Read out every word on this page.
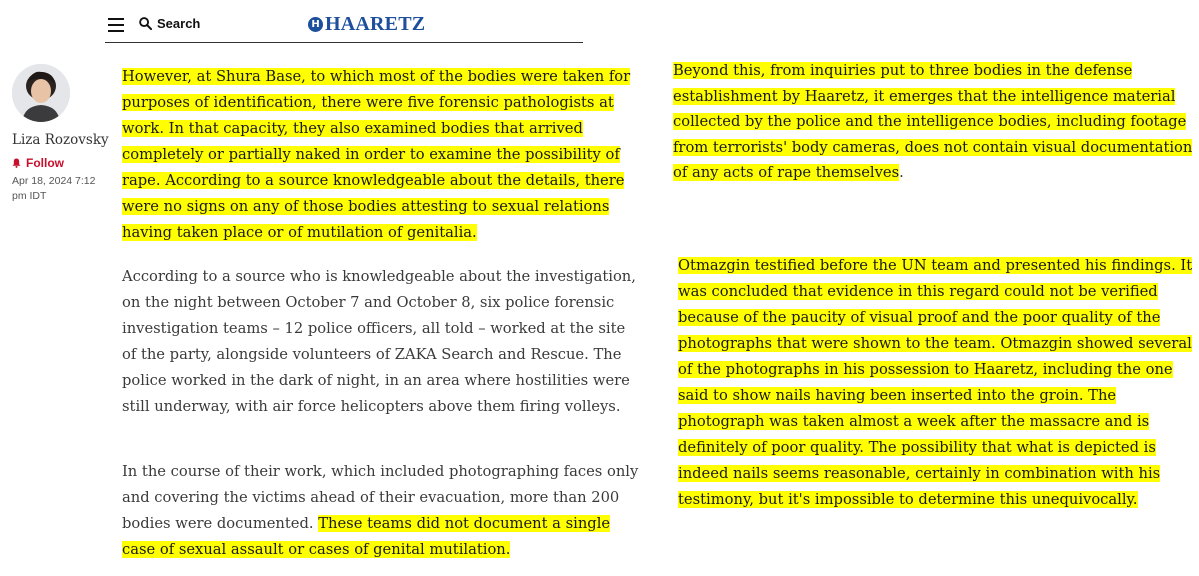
Search	H HAARETZ
Liza Rozovsky
Follow
Apr 18, 2024 7:12 pm IDT

However, at Shura Base, to which most of the bodies were taken for purposes of identification, there were five forensic pathologists at work. In that capacity, they also examined bodies that arrived completely or partially naked in order to examine the possibility of rape. According to a source knowledgeable about the details, there were no signs on any of those bodies attesting to sexual relations having taken place or of mutilation of genitalia.

According to a source who is knowledgeable about the investigation, on the night between October 7 and October 8, six police forensic investigation teams – 12 police officers, all told – worked at the site of the party, alongside volunteers of ZAKA Search and Rescue. The police worked in the dark of night, in an area where hostilities were still underway, with air force helicopters above them firing volleys.

In the course of their work, which included photographing faces only and covering the victims ahead of their evacuation, more than 200 bodies were documented. These teams did not document a single case of sexual assault or cases of genital mutilation.

Beyond this, from inquiries put to three bodies in the defense establishment by Haaretz, it emerges that the intelligence material collected by the police and the intelligence bodies, including footage from terrorists' body cameras, does not contain visual documentation of any acts of rape themselves.

Otmazgin testified before the UN team and presented his findings. It was concluded that evidence in this regard could not be verified because of the paucity of visual proof and the poor quality of the photographs that were shown to the team. Otmazgin showed several of the photographs in his possession to Haaretz, including the one said to show nails having been inserted into the groin. The photograph was taken almost a week after the massacre and is definitely of poor quality. The possibility that what is depicted is indeed nails seems reasonable, certainly in combination with his testimony, but it's impossible to determine this unequivocally.
